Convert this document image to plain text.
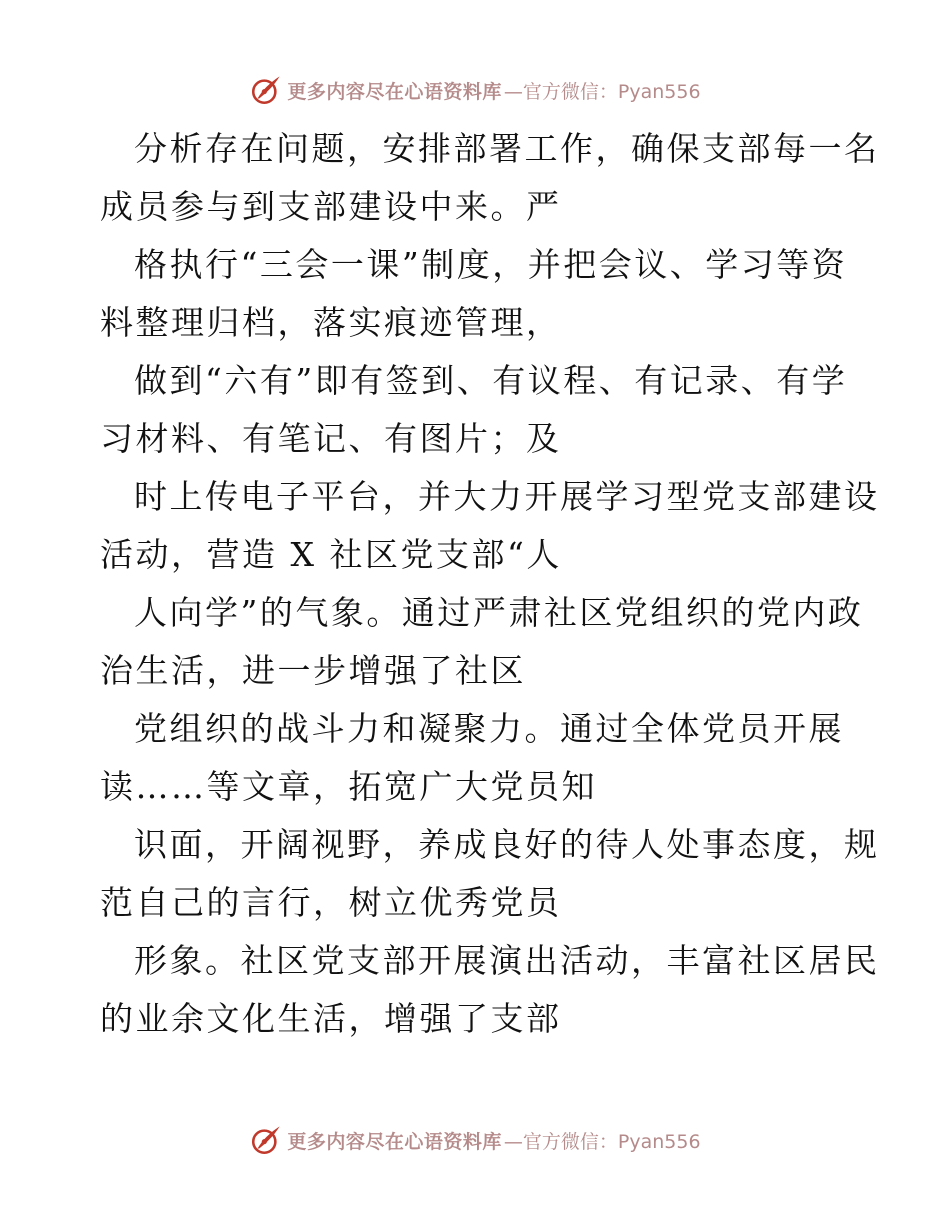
更多内容尽在心语资料库 —官方微信：Pyan556
分析存在问题，安排部署工作，确保支部每一名
成员参与到支部建设中来。严
格执行“三会一课”制度，并把会议、学习等资
料整理归档，落实痕迹管理，
做到“六有”即有签到、有议程、有记录、有学
习材料、有笔记、有图片；及
时上传电子平台，并大力开展学习型党支部建设
活动，营造 X 社区党支部“人
人向学”的气象。通过严肃社区党组织的党内政
治生活，进一步增强了社区
党组织的战斗力和凝聚力。通过全体党员开展
读……等文章，拓宽广大党员知
识面，开阔视野，养成良好的待人处事态度，规
范自己的言行，树立优秀党员
形象。社区党支部开展演出活动，丰富社区居民
的业余文化生活，增强了支部
更多内容尽在心语资料库 —官方微信：Pyan556
